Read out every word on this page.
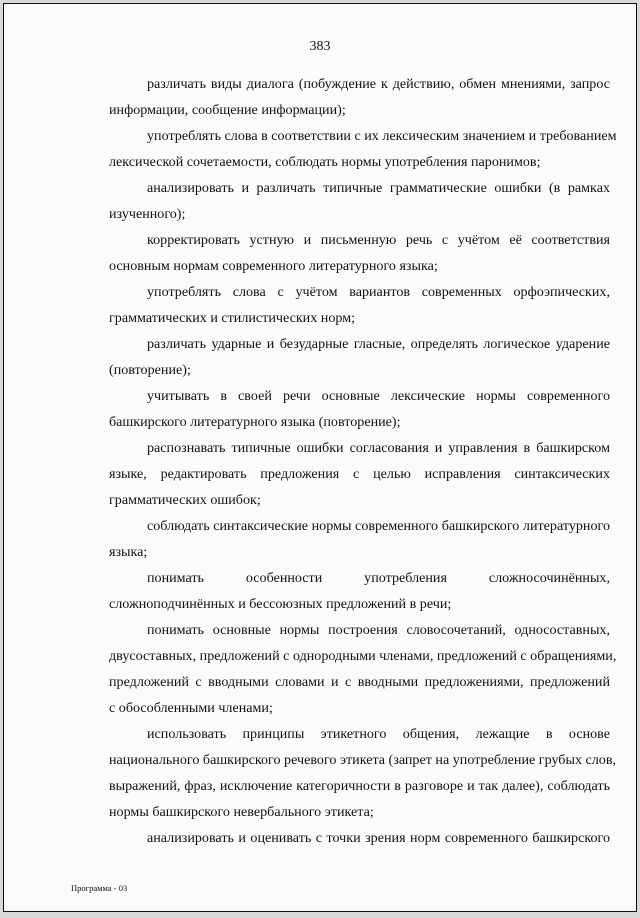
383

различать виды диалога (побуждение к действию, обмен мнениями, запрос
информации, сообщение информации);

употреблять слова в соответствии с их лексическим значением и требованием
лексической сочетаемости, соблюдать нормы употребления паронимов;

анализировать и различать типичные грамматические ошибки (в рамках
изученного);

корректировать устную и письменную речь с учётом её соответствия
основным нормам современного литературного языка;

употреблять слова с учётом вариантов современных орфоэпических,
грамматических и стилистических норм;

различать ударные и безударные гласные, определять логическое ударение
(повторение);

учитывать в своей речи основные лексические нормы современного
башкирского литературного языка (повторение);

распознавать типичные ошибки согласования и управления в башкирском
языке, редактировать предложения с целью исправления синтаксических
грамматических ошибок;

соблюдать синтаксические нормы современного башкирского литературного
языка;

понимать особенности употребления сложносочинённых,
сложноподчинённых и бессоюзных предложений в речи;

понимать основные нормы построения словосочетаний, односоставных,
двусоставных, предложений с однородными членами, предложений с обращениями,
предложений с вводными словами и с вводными предложениями, предложений
с обособленными членами;

использовать принципы этикетного общения, лежащие в основе
национального башкирского речевого этикета (запрет на употребление грубых слов,
выражений, фраз, исключение категоричности в разговоре и так далее), соблюдать
нормы башкирского невербального этикета;

анализировать и оценивать с точки зрения норм современного башкирского

Программа - 03
